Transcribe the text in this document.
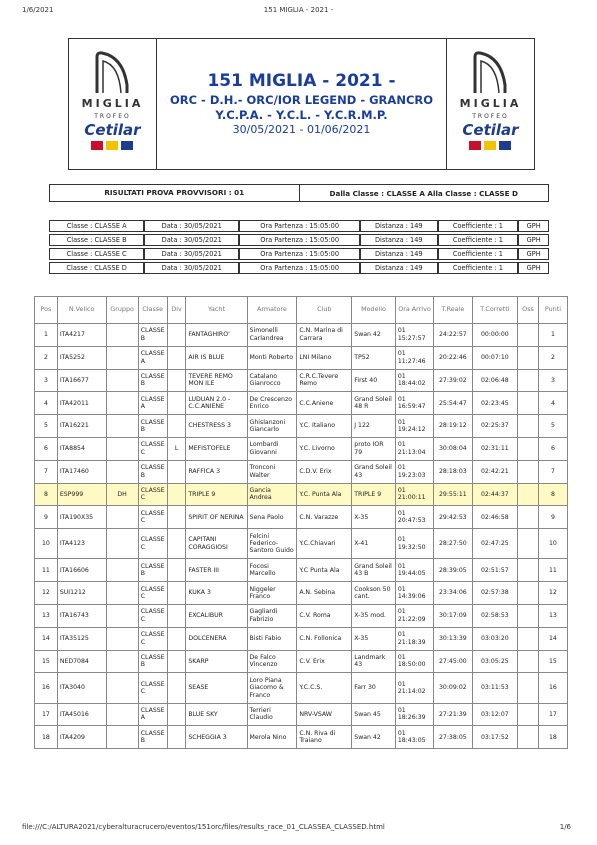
1/6/2021	151 MIGLIA - 2021 -
MIGLIA
TROFEO
Cetilar
151 MIGLIA - 2021 -
ORC - D.H.- ORC/IOR LEGEND - GRANCRO
Y.C.P.A. - Y.C.L. - Y.C.R.M.P.
30/05/2021 - 01/06/2021
MIGLIA
TROFEO
Cetilar
RISULTATI PROVA PROVVISORI : 01	Dalla Classe : CLASSE A Alla Classe : CLASSE D
Classe : CLASSE A	Data : 30/05/2021	Ora Partenza : 15:05:00	Distanza : 149	Coefficiente : 1	GPH
Classe : CLASSE B	Data : 30/05/2021	Ora Partenza : 15:05:00	Distanza : 149	Coefficiente : 1	GPH
Classe : CLASSE C	Data : 30/05/2021	Ora Partenza : 15:05:00	Distanza : 149	Coefficiente : 1	GPH
Classe : CLASSE D	Data : 30/05/2021	Ora Partenza : 15:05:00	Distanza : 149	Coefficiente : 1	GPH
Pos	N.Velico	Gruppo	Classe	Div	Yacht	Armatore	Club	Modello	Ora Arrivo	T.Reale	T.Corretti	Oss	Punti
1	ITA4217		CLASSE B		FANTAGHIRO'	Simonelli Carlandrea	C.N. Marina di Carrara	Swan 42	01 15:27:57	24:22:57	00:00:00		1
2	ITA5252		CLASSE A		AIR IS BLUE	Monti Roberto	LNI Milano	TP52	01 11:27:46	20:22:46	00:07:10		2
3	ITA16677		CLASSE B		TEVERE REMO MON ILE	Catalano Gianrocco	C.R.C.Tevere Remo	First 40	01 18:44:02	27:39:02	02:06:48		3
4	ITA42011		CLASSE A		LUDUAN 2.0 - C.C.ANIENE	De Crescenzo Enrico	C.C.Aniene	Grand Soleil 48 R	01 16:59:47	25:54:47	02:23:45		4
5	ITA16221		CLASSE B		CHESTRESS 3	Ghislanzoni Giancarlo	Y.C. Italiano	J 122	01 19:24:12	28:19:12	02:25:37		5
6	ITA8854		CLASSE C	L	MEFISTOFELE	Lombardi Giovanni	Y.C. Livorno	proto IOR 79	01 21:13:04	30:08:04	02:31:11		6
7	ITA17460		CLASSE B		RAFFICA 3	Tronconi Walter	C.D.V. Erix	Grand Soleil 43	01 19:23:03	28:18:03	02:42:21		7
8	ESP999	DH	CLASSE C		TRIPLE 9	Gancia Andrea	Y.C. Punta Ala	TRIPLE 9	01 21:00:11	29:55:11	02:44:37		8
9	ITA190X35		CLASSE C		SPIRIT OF NERINA	Sena Paolo	C.N. Varazze	X-35	01 20:47:53	29:42:53	02:46:58		9
10	ITA4123		CLASSE C		CAPITANI CORAGGIOSI	Felcini Federico-Santoro Guido	Y.C.Chiavari	X-41	01 19:32:50	28:27:50	02:47:25		10
11	ITA16606		CLASSE B		FASTER III	Focosi Marcello	Y.C Punta Ala	Grand Soleil 43 B	01 19:44:05	28:39:05	02:51:57		11
12	SUI1212		CLASSE C		KUKA 3	Niggeler Franco	A.N. Sebina	Cookson 50 cant.	01 14:39:06	23:34:06	02:57:38		12
13	ITA16743		CLASSE C		EXCALIBUR	Gagliardi Fabrizio	C.V. Roma	X-35 mod.	01 21:22:09	30:17:09	02:58:53		13
14	ITA35125		CLASSE C		DOLCENERA	Bisti Fabio	C.N. Follonica	X-35	01 21:18:39	30:13:39	03:03:20		14
15	NED7084		CLASSE B		SKARP	De Falco Vincenzo	C.V. Erix	Landmark 43	01 18:50:00	27:45:00	03:05:25		15
16	ITA3040		CLASSE C		SEASE	Loro Piana Giacomo & Franco	Y.C.C.S.	Farr 30	01 21:14:02	30:09:02	03:11:53		16
17	ITA45016		CLASSE A		BLUE SKY	Terrieri Claudio	NRV-VSAW	Swan 45	01 18:26:39	27:21:39	03:12:07		17
18	ITA4209		CLASSE B		SCHEGGIA 3	Merola Nino	C.N. Riva di Traiano	Swan 42	01 18:43:05	27:38:05	03:17:52		18
file:///C:/ALTURA2021/cyberalturacrucero/eventos/151orc/files/results_race_01_CLASSEA_CLASSED.html	1/6
